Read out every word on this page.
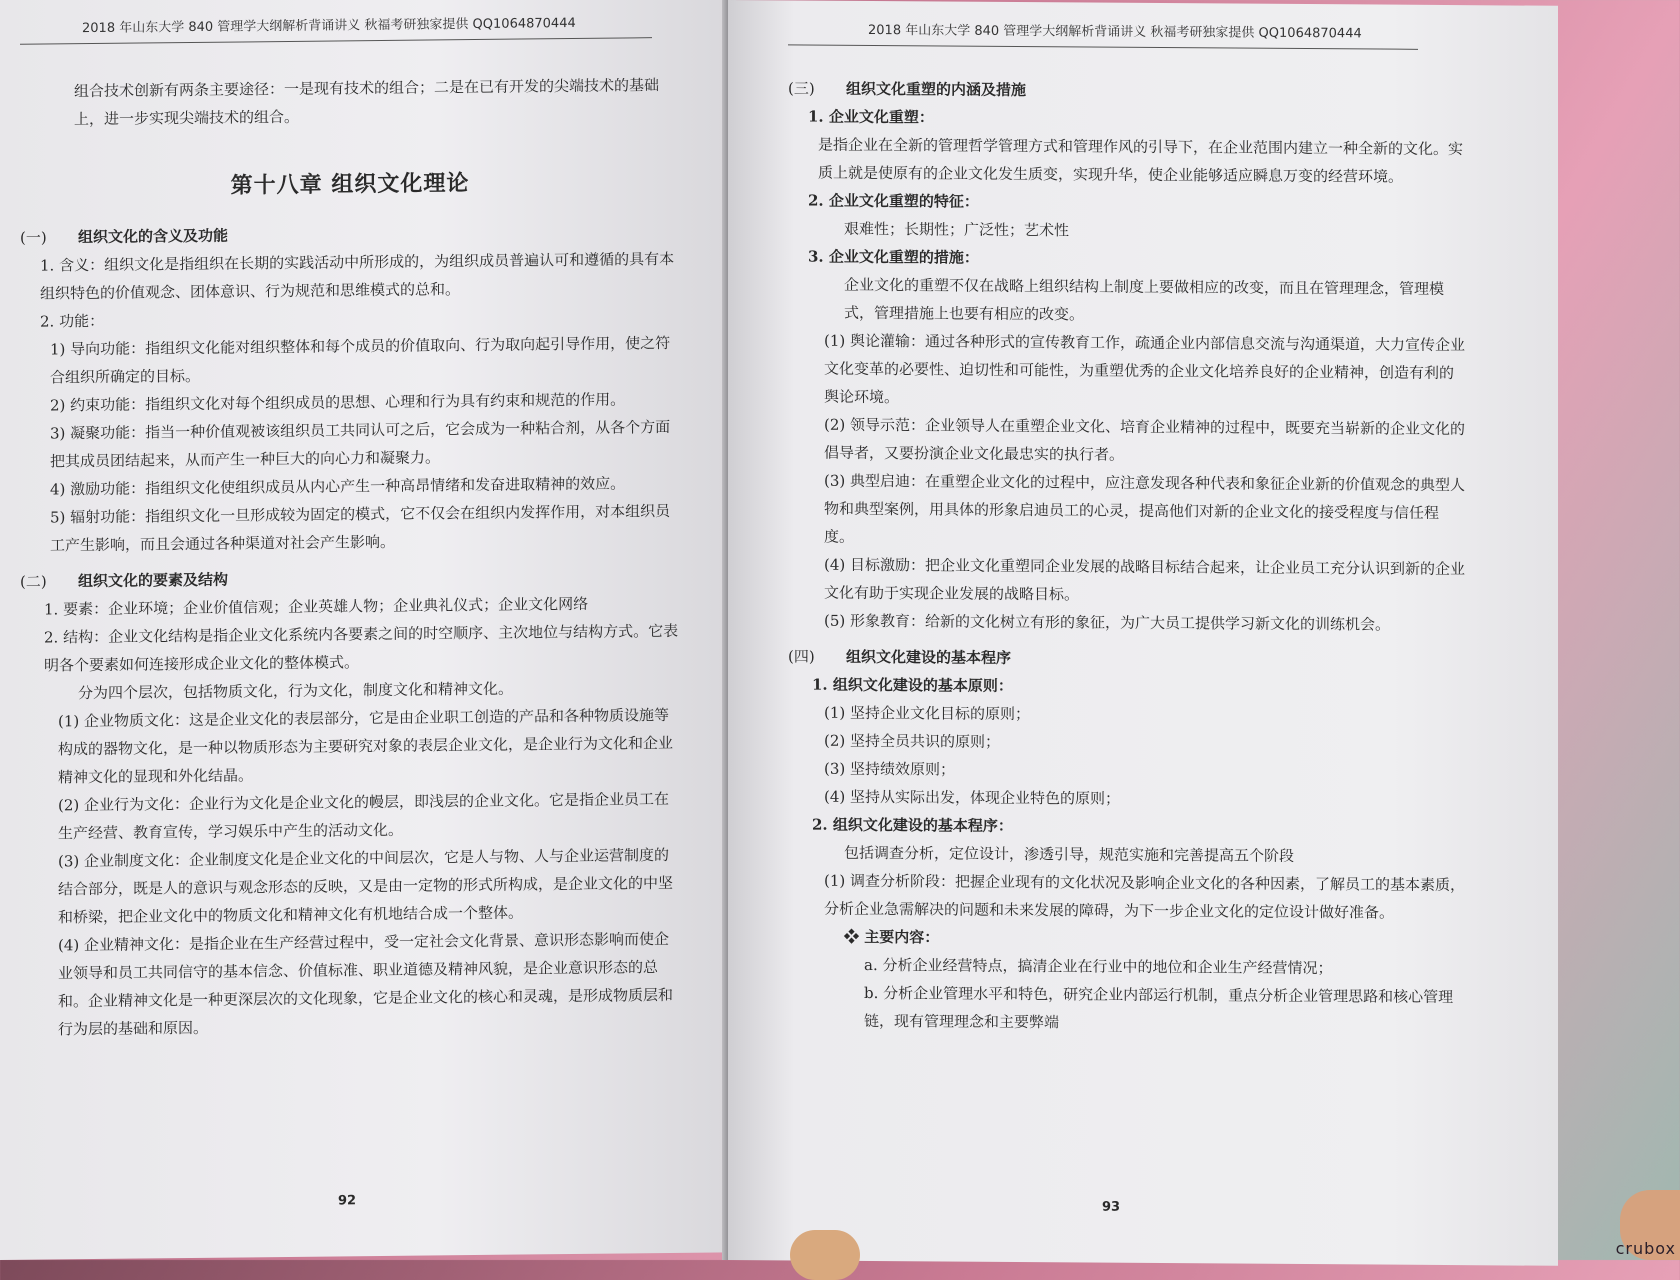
2018 年山东大学 840 管理学大纲解析背诵讲义 秋福考研独家提供 QQ1064870444

组合技术创新有两条主要途径：一是现有技术的组合；二是在已有开发的尖端技术的基础上，进一步实现尖端技术的组合。

第十八章 组织文化理论
(一)	组织文化的含义及功能

1. 含义：组织文化是指组织在长期的实践活动中所形成的，为组织成员普遍认可和遵循的具有本组织特色的价值观念、团体意识、行为规范和思维模式的总和。

2. 功能：

1) 导向功能：指组织文化能对组织整体和每个成员的价值取向、行为取向起引导作用，使之符合组织所确定的目标。

2) 约束功能：指组织文化对每个组织成员的思想、心理和行为具有约束和规范的作用。

3) 凝聚功能：指当一种价值观被该组织员工共同认可之后，它会成为一种粘合剂，从各个方面把其成员团结起来，从而产生一种巨大的向心力和凝聚力。

4) 激励功能：指组织文化使组织成员从内心产生一种高昂情绪和发奋进取精神的效应。

5) 辐射功能：指组织文化一旦形成较为固定的模式，它不仅会在组织内发挥作用，对本组织员工产生影响，而且会通过各种渠道对社会产生影响。

(二)	组织文化的要素及结构

1. 要素：企业环境；企业价值信观；企业英雄人物；企业典礼仪式；企业文化网络

2. 结构：企业文化结构是指企业文化系统内各要素之间的时空顺序、主次地位与结构方式。它表明各个要素如何连接形成企业文化的整体模式。

分为四个层次，包括物质文化，行为文化，制度文化和精神文化。

(1) 企业物质文化：这是企业文化的表层部分，它是由企业职工创造的产品和各种物质设施等构成的器物文化，是一种以物质形态为主要研究对象的表层企业文化，是企业行为文化和企业精神文化的显现和外化结晶。

(2) 企业行为文化：企业行为文化是企业文化的幔层，即浅层的企业文化。它是指企业员工在生产经营、教育宣传，学习娱乐中产生的活动文化。

(3) 企业制度文化：企业制度文化是企业文化的中间层次，它是人与物、人与企业运营制度的结合部分，既是人的意识与观念形态的反映，又是由一定物的形式所构成，是企业文化的中坚和桥梁，把企业文化中的物质文化和精神文化有机地结合成一个整体。

(4) 企业精神文化：是指企业在生产经营过程中，受一定社会文化背景、意识形态影响而使企业领导和员工共同信守的基本信念、价值标准、职业道德及精神风貌，是企业意识形态的总和。企业精神文化是一种更深层次的文化现象，它是企业文化的核心和灵魂，是形成物质层和行为层的基础和原因。

92
2018 年山东大学 840 管理学大纲解析背诵讲义 秋福考研独家提供 QQ1064870444
(三)	组织文化重塑的内涵及措施

1. 企业文化重塑：

是指企业在全新的管理哲学管理方式和管理作风的引导下，在企业范围内建立一种全新的文化。实质上就是使原有的企业文化发生质变，实现升华，使企业能够适应瞬息万变的经营环境。

2. 企业文化重塑的特征：

艰难性；长期性；广泛性；艺术性

3. 企业文化重塑的措施：

企业文化的重塑不仅在战略上组织结构上制度上要做相应的改变，而且在管理理念，管理模式，管理措施上也要有相应的改变。

(1) 舆论灌输：通过各种形式的宣传教育工作，疏通企业内部信息交流与沟通渠道，大力宣传企业文化变革的必要性、迫切性和可能性，为重塑优秀的企业文化培养良好的企业精神，创造有利的舆论环境。

(2) 领导示范：企业领导人在重塑企业文化、培育企业精神的过程中，既要充当崭新的企业文化的倡导者，又要扮演企业文化最忠实的执行者。

(3) 典型启迪：在重塑企业文化的过程中，应注意发现各种代表和象征企业新的价值观念的典型人物和典型案例，用具体的形象启迪员工的心灵，提高他们对新的企业文化的接受程度与信任程度。

(4) 目标激励：把企业文化重塑同企业发展的战略目标结合起来，让企业员工充分认识到新的企业文化有助于实现企业发展的战略目标。

(5) 形象教育：给新的文化树立有形的象征，为广大员工提供学习新文化的训练机会。

(四)	组织文化建设的基本程序

1. 组织文化建设的基本原则：

(1) 坚持企业文化目标的原则；

(2) 坚持全员共识的原则；

(3) 坚持绩效原则；

(4) 坚持从实际出发，体现企业特色的原则；

2. 组织文化建设的基本程序：

包括调查分析，定位设计，渗透引导，规范实施和完善提高五个阶段

(1) 调查分析阶段：把握企业现有的文化状况及影响企业文化的各种因素，了解员工的基本素质，分析企业急需解决的问题和未来发展的障碍，为下一步企业文化的定位设计做好准备。

❖ 主要内容：

a. 分析企业经营特点，搞清企业在行业中的地位和企业生产经营情况；

b. 分析企业管理水平和特色，研究企业内部运行机制，重点分析企业管理思路和核心管理链，现有管理理念和主要弊端

93
crubox
